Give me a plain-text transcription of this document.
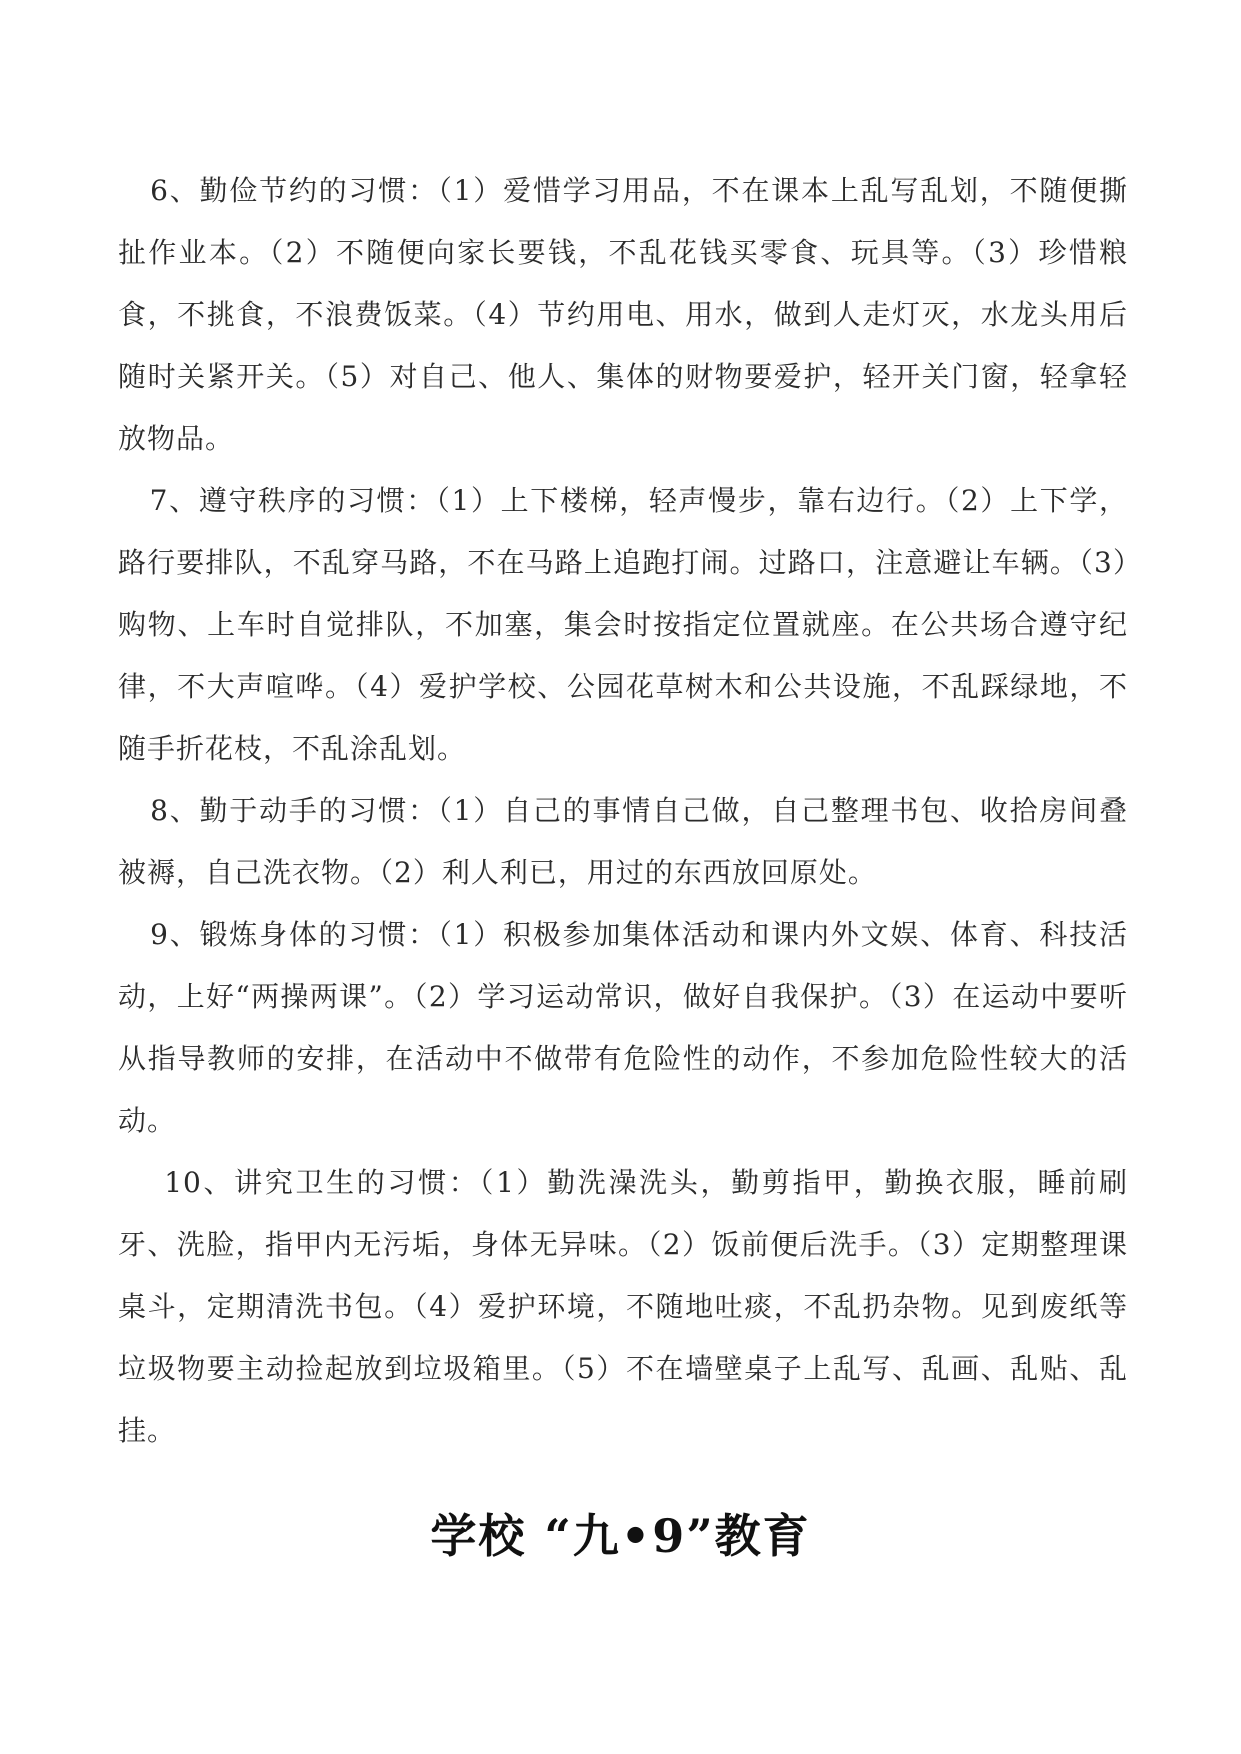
6、勤俭节约的习惯：（1）爱惜学习用品，不在课本上乱写乱划，不随便撕扯作业本。（2）不随便向家长要钱，不乱花钱买零食、玩具等。（3）珍惜粮食，不挑食，不浪费饭菜。（4）节约用电、用水，做到人走灯灭，水龙头用后随时关紧开关。（5）对自己、他人、集体的财物要爱护，轻开关门窗，轻拿轻放物品。

7、遵守秩序的习惯：（1）上下楼梯，轻声慢步，靠右边行。（2）上下学，路行要排队，不乱穿马路，不在马路上追跑打闹。过路口，注意避让车辆。（3）购物、上车时自觉排队，不加塞，集会时按指定位置就座。在公共场合遵守纪律，不大声喧哗。（4）爱护学校、公园花草树木和公共设施，不乱踩绿地，不随手折花枝，不乱涂乱划。

8、勤于动手的习惯：（1）自己的事情自己做，自己整理书包、收拾房间叠被褥，自己洗衣物。（2）利人利已，用过的东西放回原处。

9、锻炼身体的习惯：（1）积极参加集体活动和课内外文娱、体育、科技活动，上好“两操两课”。（2）学习运动常识，做好自我保护。（3）在运动中要听从指导教师的安排，在活动中不做带有危险性的动作，不参加危险性较大的活动。

10、讲究卫生的习惯：（1）勤洗澡洗头，勤剪指甲，勤换衣服，睡前刷牙、洗脸，指甲内无污垢，身体无异味。（2）饭前便后洗手。（3）定期整理课桌斗，定期清洗书包。（4）爱护环境，不随地吐痰，不乱扔杂物。见到废纸等垃圾物要主动捡起放到垃圾箱里。（5）不在墙壁桌子上乱写、乱画、乱贴、乱挂。

学校 “九•9”教育
